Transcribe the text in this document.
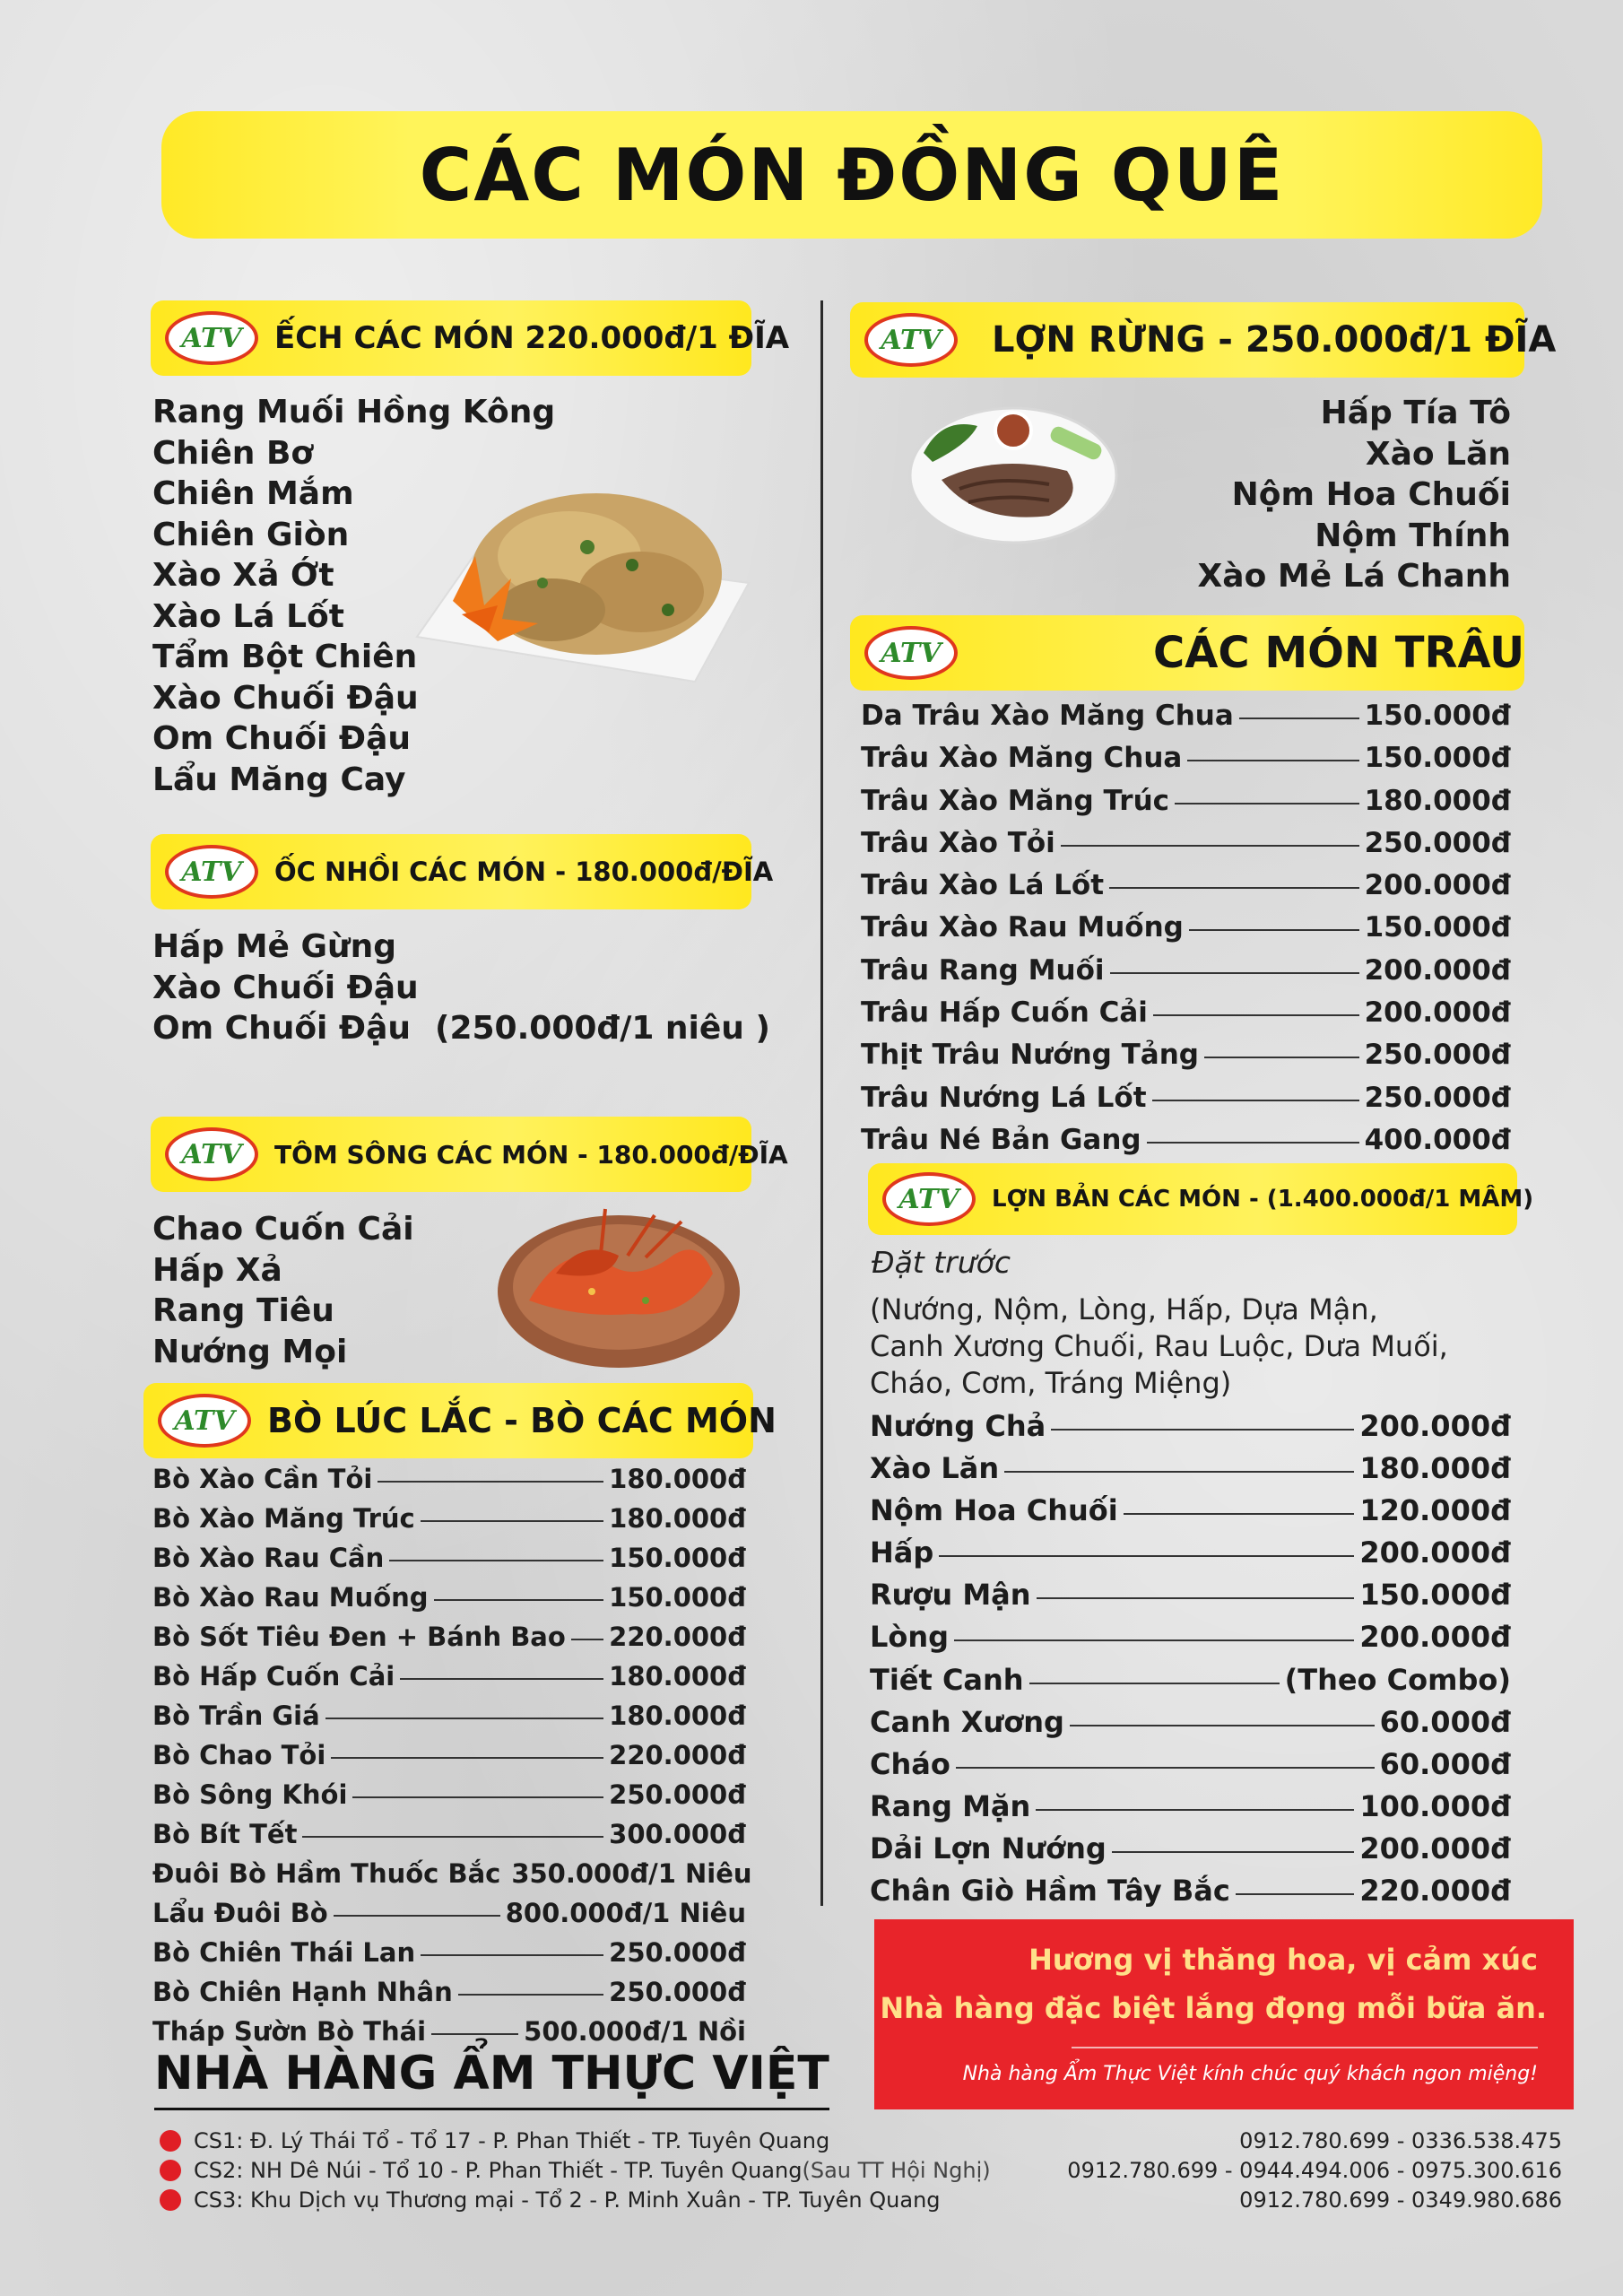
CÁC MÓN ĐỒNG QUÊ
ATV ẾCH CÁC MÓN 220.000đ/1 ĐĨA
Rang Muối Hồng Kông
Chiên Bơ
Chiên Mắm
Chiên Giòn
Xào Xả Ớt
Xào Lá Lốt
Tẩm Bột Chiên
Xào Chuối Đậu
Om Chuối Đậu
Lẩu Măng Cay
ATV ỐC NHỒI CÁC MÓN - 180.000đ/ĐĨA
Hấp Mẻ Gừng
Xào Chuối Đậu
Om Chuối Đậu (250.000đ/1 niêu )
ATV TÔM SÔNG CÁC MÓN - 180.000đ/ĐĨA
Chao Cuốn Cải
Hấp Xả
Rang Tiêu
Nướng Mọi
ATV BÒ LÚC LẮC - BÒ CÁC MÓN
Bò Xào Cần Tỏi	180.000đ
Bò Xào Măng Trúc	180.000đ
Bò Xào Rau Cần	150.000đ
Bò Xào Rau Muống	150.000đ
Bò Sốt Tiêu Đen + Bánh Bao 220.000đ
Bò Hấp Cuốn Cải	180.000đ
Bò Trần Giá	180.000đ
Bò Chao Tỏi	220.000đ
Bò Sông Khói	250.000đ
Bò Bít Tết	300.000đ
Đuôi Bò Hầm Thuốc Bắc 350.000đ/1 Niêu
Lẩu Đuôi Bò	800.000đ/1 Niêu
Bò Chiên Thái Lan	250.000đ
Bò Chiên Hạnh Nhân	250.000đ
Tháp Sườn Bò Thái	500.000đ/1 Nồi
ATV LỢN RỪNG - 250.000đ/1 ĐĨA
Hấp Tía Tô
Xào Lăn
Nộm Hoa Chuối
Nộm Thính
Xào Mẻ Lá Chanh
ATV	CÁC MÓN TRÂU
Da Trâu Xào Măng Chua	150.000đ
Trâu Xào Măng Chua	150.000đ
Trâu Xào Măng Trúc	180.000đ
Trâu Xào Tỏi	250.000đ
Trâu Xào Lá Lốt	200.000đ
Trâu Xào Rau Muống	150.000đ
Trâu Rang Muối	200.000đ
Trâu Hấp Cuốn Cải	200.000đ
Thịt Trâu Nướng Tảng	250.000đ
Trâu Nướng Lá Lốt	250.000đ
Trâu Né Bản Gang	400.000đ
ATV LỢN BẢN CÁC MÓN - (1.400.000đ/1 MÂM)
Đặt trước
(Nướng, Nộm, Lòng, Hấp, Dựa Mận,
Canh Xương Chuối, Rau Luộc, Dưa Muối,
Cháo, Cơm, Tráng Miệng)
Nướng Chả	200.000đ
Xào Lăn	180.000đ
Nộm Hoa Chuối	120.000đ
Hấp	200.000đ
Rượu Mận	150.000đ
Lòng	200.000đ
Tiết Canh	(Theo Combo)
Canh Xương	60.000đ
Cháo	60.000đ
Rang Mặn	100.000đ
Dải Lợn Nướng	200.000đ
Chân Giò Hầm Tây Bắc	220.000đ
Hương vị thăng hoa, vị cảm xúc
Nhà hàng đặc biệt lắng đọng mỗi bữa ăn.
Nhà hàng Ẩm Thực Việt kính chúc quý khách ngon miệng!
NHÀ HÀNG ẨM THỰC VIỆT
CS1: Đ. Lý Thái Tổ - Tổ 17 - P. Phan Thiết - TP. Tuyên Quang
CS2: NH Dê Núi - Tổ 10 - P. Phan Thiết - TP. Tuyên Quang (Sau TT Hội Nghị)
CS3: Khu Dịch vụ Thương mại - Tổ 2 - P. Minh Xuân - TP. Tuyên Quang
0912.780.699 - 0336.538.475
0912.780.699 - 0944.494.006 - 0975.300.616
0912.780.699 - 0349.980.686
